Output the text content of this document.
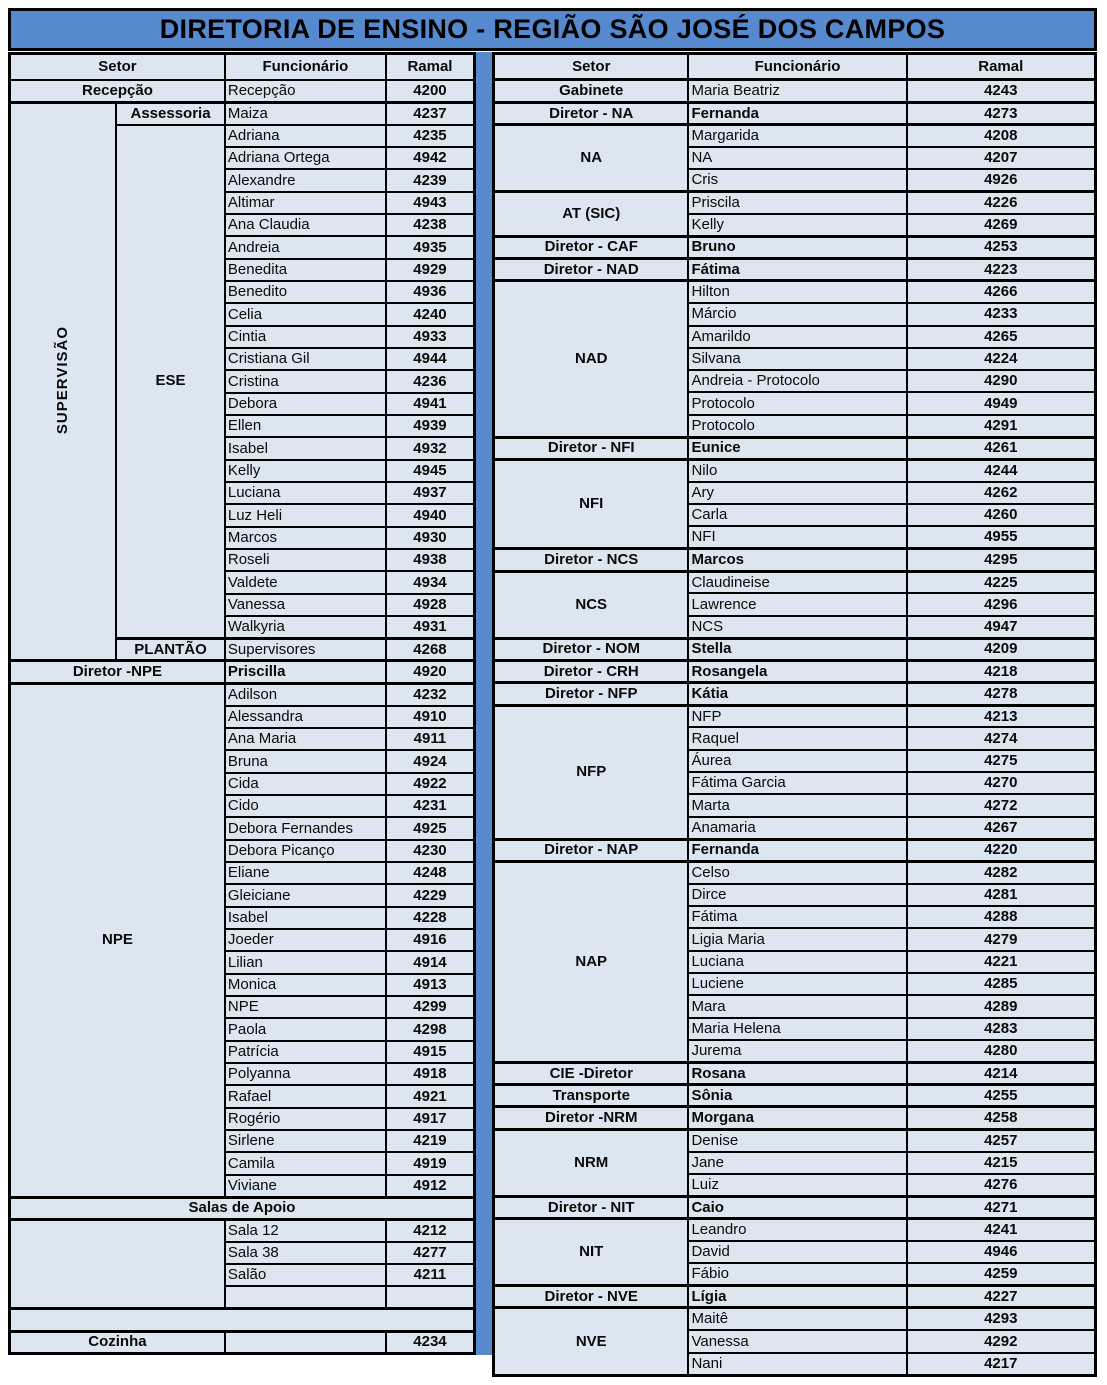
DIRETORIA DE ENSINO - REGIÃO SÃO JOSÉ DOS CAMPOS
Setor		Funcionário	Ramal
Recepção		Recepção	4200
SUPERVISÃO	Assessoria	Maiza	4237
	ESE	Adriana	4235
		Adriana Ortega	4942
		Alexandre	4239
		Altimar	4943
		Ana Claudia	4238
		Andreia	4935
		Benedita	4929
		Benedito	4936
		Celia	4240
		Cintia	4933
		Cristiana Gil	4944
		Cristina	4236
		Debora	4941
		Ellen	4939
		Isabel	4932
		Kelly	4945
		Luciana	4937
		Luz Heli	4940
		Marcos	4930
		Roseli	4938
		Valdete	4934
		Vanessa	4928
		Walkyria	4931
	PLANTÃO	Supervisores	4268
Diretor -NPE		Priscilla	4920
NPE		Adilson	4232
		Alessandra	4910
		Ana Maria	4911
		Bruna	4924
		Cida	4922
		Cido	4231
		Debora Fernandes	4925
		Debora Picanço	4230
		Eliane	4248
		Gleiciane	4229
		Isabel	4228
		Joeder	4916
		Lilian	4914
		Monica	4913
		NPE	4299
		Paola	4298
		Patrícia	4915
		Polyanna	4918
		Rafael	4921
		Rogério	4917
		Sirlene	4219
		Camila	4919
		Viviane	4912
Salas de Apoio			
		Sala 12	4212
		Sala 38	4277
		Salão	4211

Cozinha			4234
Setor	Funcionário	Ramal
Gabinete	Maria Beatriz	4243
Diretor - NA	Fernanda	4273
NA	Margarida	4208
	NA	4207
	Cris	4926
AT (SIC)	Priscila	4226
	Kelly	4269
Diretor - CAF	Bruno	4253
Diretor - NAD	Fátima	4223
NAD	Hilton	4266
	Márcio	4233
	Amarildo	4265
	Silvana	4224
	Andreia - Protocolo	4290
	Protocolo	4949
	Protocolo	4291
Diretor - NFI	Eunice	4261
NFI	Nilo	4244
	Ary	4262
	Carla	4260
	NFI	4955
Diretor - NCS	Marcos	4295
NCS	Claudineise	4225
	Lawrence	4296
	NCS	4947
Diretor - NOM	Stella	4209
Diretor - CRH	Rosangela	4218
Diretor - NFP	Kátia	4278
NFP	NFP	4213
	Raquel	4274
	Áurea	4275
	Fátima Garcia	4270
	Marta	4272
	Anamaria	4267
Diretor - NAP	Fernanda	4220
NAP	Celso	4282
	Dirce	4281
	Fátima	4288
	Ligia Maria	4279
	Luciana	4221
	Luciene	4285
	Mara	4289
	Maria Helena	4283
	Jurema	4280
CIE -Diretor	Rosana	4214
Transporte	Sônia	4255
Diretor -NRM	Morgana	4258
NRM	Denise	4257
	Jane	4215
	Luiz	4276
Diretor - NIT	Caio	4271
NIT	Leandro	4241
	David	4946
	Fábio	4259
Diretor - NVE	Lígia	4227
NVE	Maitê	4293
	Vanessa	4292
	Nani	4217
